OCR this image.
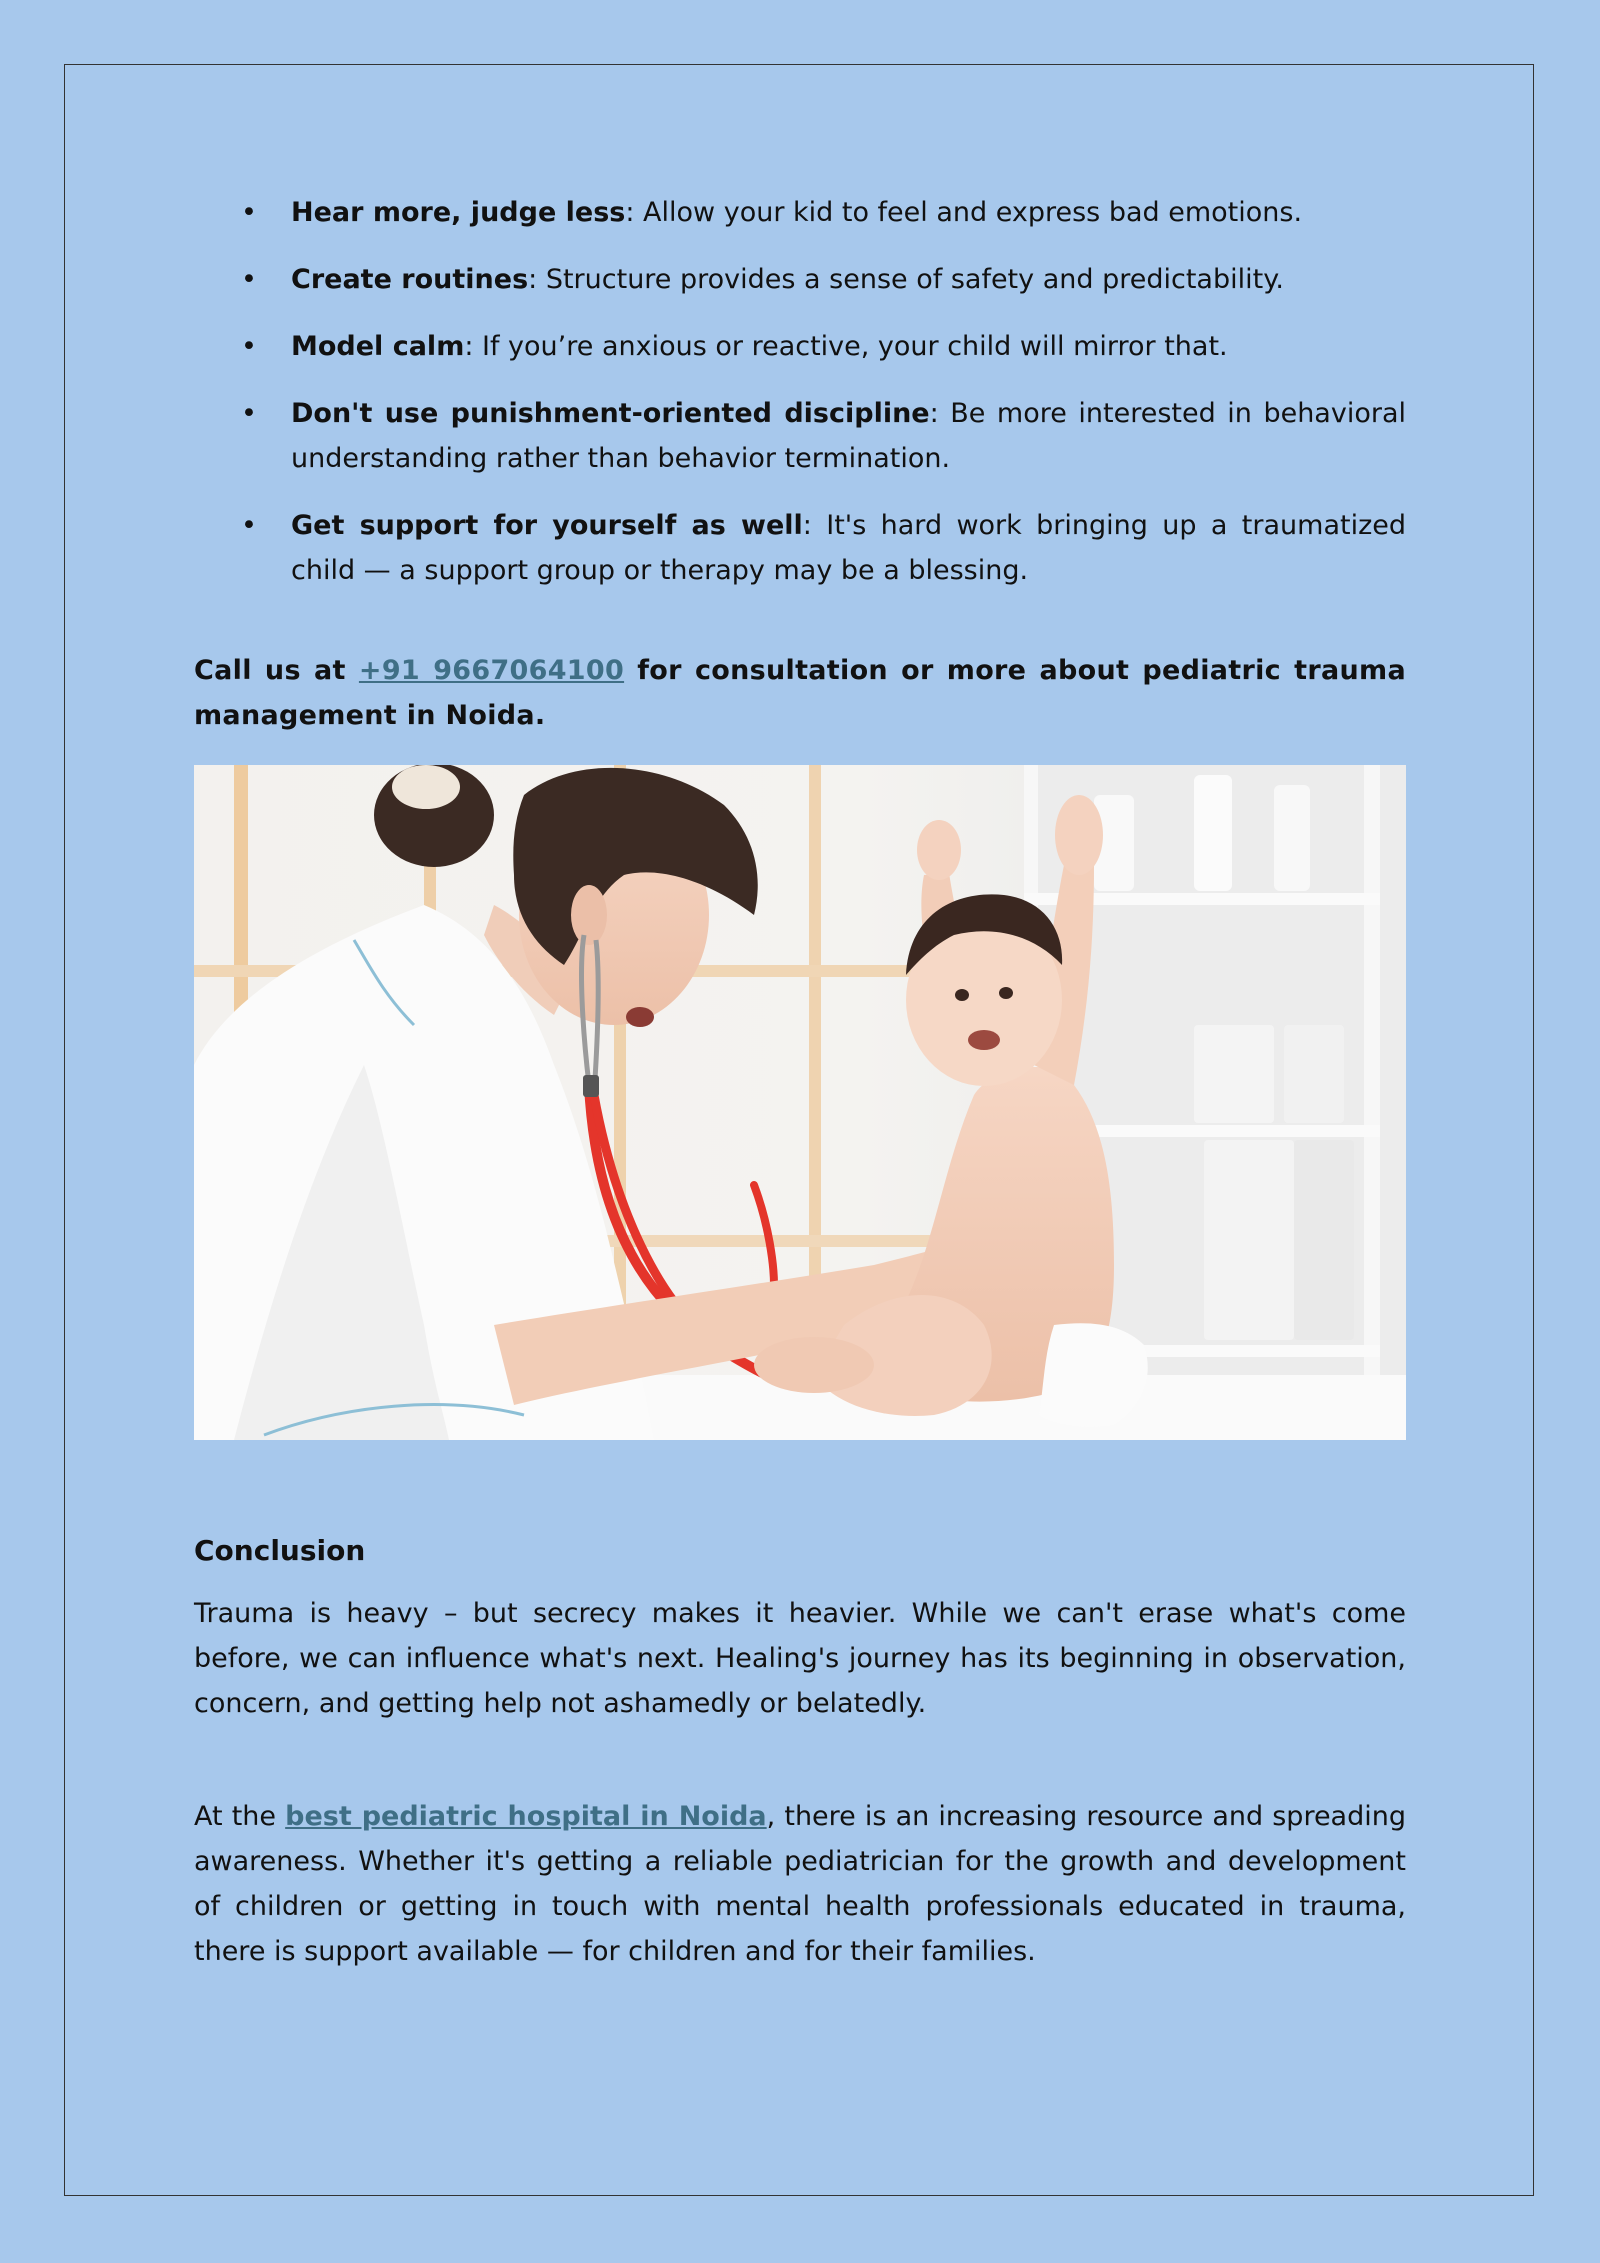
• Hear more, judge less: Allow your kid to feel and express bad emotions.
• Create routines: Structure provides a sense of safety and predictability.
• Model calm: If you’re anxious or reactive, your child will mirror that.
• Don't use punishment-oriented discipline: Be more interested in behavioral understanding rather than behavior termination.
• Get support for yourself as well: It's hard work bringing up a traumatized child — a support group or therapy may be a blessing.

Call us at +91 9667064100 for consultation or more about pediatric trauma management in Noida.

Conclusion

Trauma is heavy – but secrecy makes it heavier. While we can't erase what's come before, we can influence what's next. Healing's journey has its beginning in observation, concern, and getting help not ashamedly or belatedly.

At the best pediatric hospital in Noida, there is an increasing resource and spreading awareness. Whether it's getting a reliable pediatrician for the growth and development of children or getting in touch with mental health professionals educated in trauma, there is support available — for children and for their families.
